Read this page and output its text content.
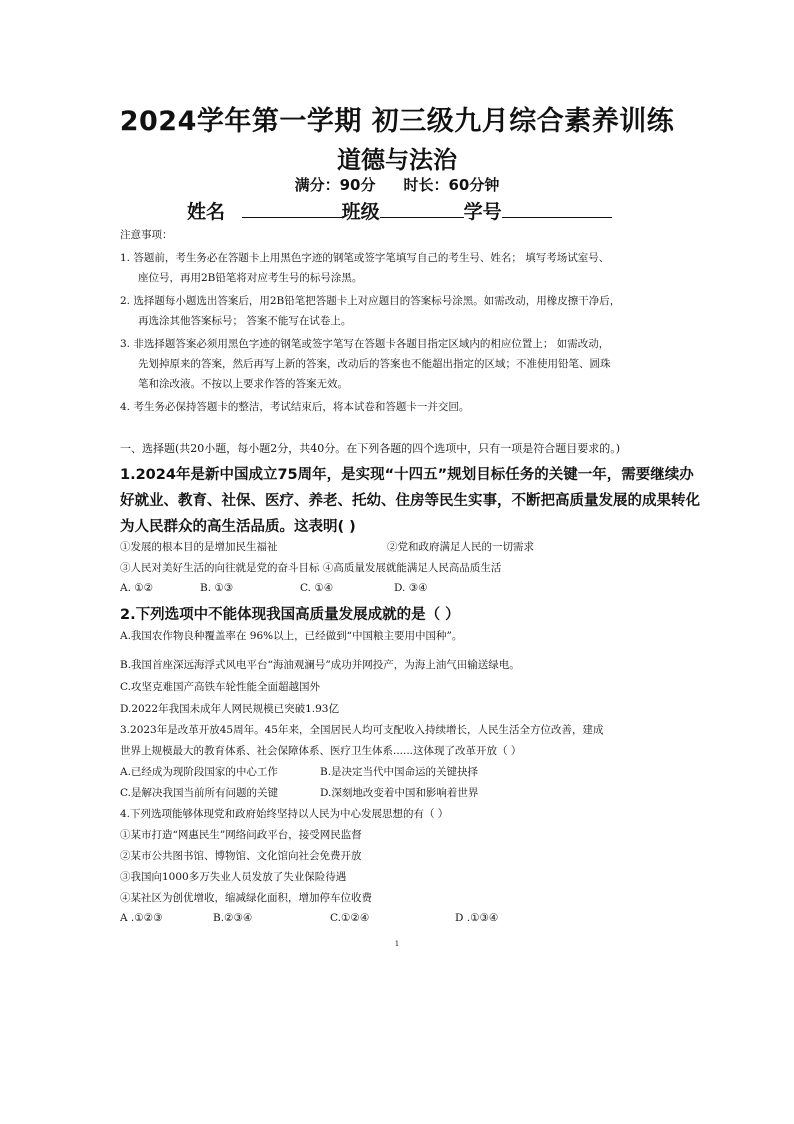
2024学年第一学期 初三级九月综合素养训练
道德与法治
满分：90分 时长：60分钟
姓名	班级	学号
注意事项：
1. 答题前，考生务必在答题卡上用黑色字迹的钢笔或签字笔填写自己的考生号、姓名； 填写考场试室号、
座位号，再用2B铅笔将对应考生号的标号涂黑。
2. 选择题每小题选出答案后，用2B铅笔把答题卡上对应题目的答案标号涂黑。如需改动，用橡皮擦干净后，
再选涂其他答案标号； 答案不能写在试卷上。
3. 非选择题答案必须用黑色字迹的钢笔或签字笔写在答题卡各题目指定区域内的相应位置上； 如需改动，
先划掉原来的答案，然后再写上新的答案，改动后的答案也不能超出指定的区域；不准使用铅笔、圆珠
笔和涂改液。不按以上要求作答的答案无效。
4. 考生务必保持答题卡的整洁，考试结束后，将本试卷和答题卡一并交回。
一、选择题(共20小题，每小题2分，共40分。在下列各题的四个选项中，只有一项是符合题目要求的。)
1.2024年是新中国成立75周年，是实现“十四五”规划目标任务的关键一年，需要继续办
好就业、教育、社保、医疗、养老、托幼、住房等民生实事，不断把高质量发展的成果转化
为人民群众的高生活品质。这表明( )
①发展的根本目的是增加民生福祉	②党和政府满足人民的一切需求
③人民对美好生活的向往就是党的奋斗目标 ④高质量发展就能满足人民高品质生活
A. ①②	B. ①③	C. ①④	D. ③④
2.下列选项中不能体现我国高质量发展成就的是（ ）
A.我国农作物良种覆盖率在 96%以上，已经做到“中国粮主要用中国种”。
B.我国首座深远海浮式风电平台“海油观澜号”成功并网投产，为海上油气田输送绿电。
C.攻坚克难国产高铁车轮性能全面超越国外
D.2022年我国未成年人网民规模已突破1.93亿
3.2023年是改革开放45周年。45年来，全国居民人均可支配收入持续增长，人民生活全方位改善，建成
世界上规模最大的教育体系、社会保障体系、医疗卫生体系......这体现了改革开放（ ）
A.已经成为现阶段国家的中心工作	B.是决定当代中国命运的关键抉择
C.是解决我国当前所有问题的关键	D.深刻地改变着中国和影响着世界
4.下列选项能够体现党和政府始终坚持以人民为中心发展思想的有（ ）
①某市打造“网惠民生”网络问政平台，接受网民监督
②某市公共图书馆、博物馆、文化馆向社会免费开放
③我国向1000多万失业人员发放了失业保险待遇
④某社区为创优增收，缩减绿化面积，增加停车位收费
A .①②③	B.②③④	C.①②④	D .①③④
1
